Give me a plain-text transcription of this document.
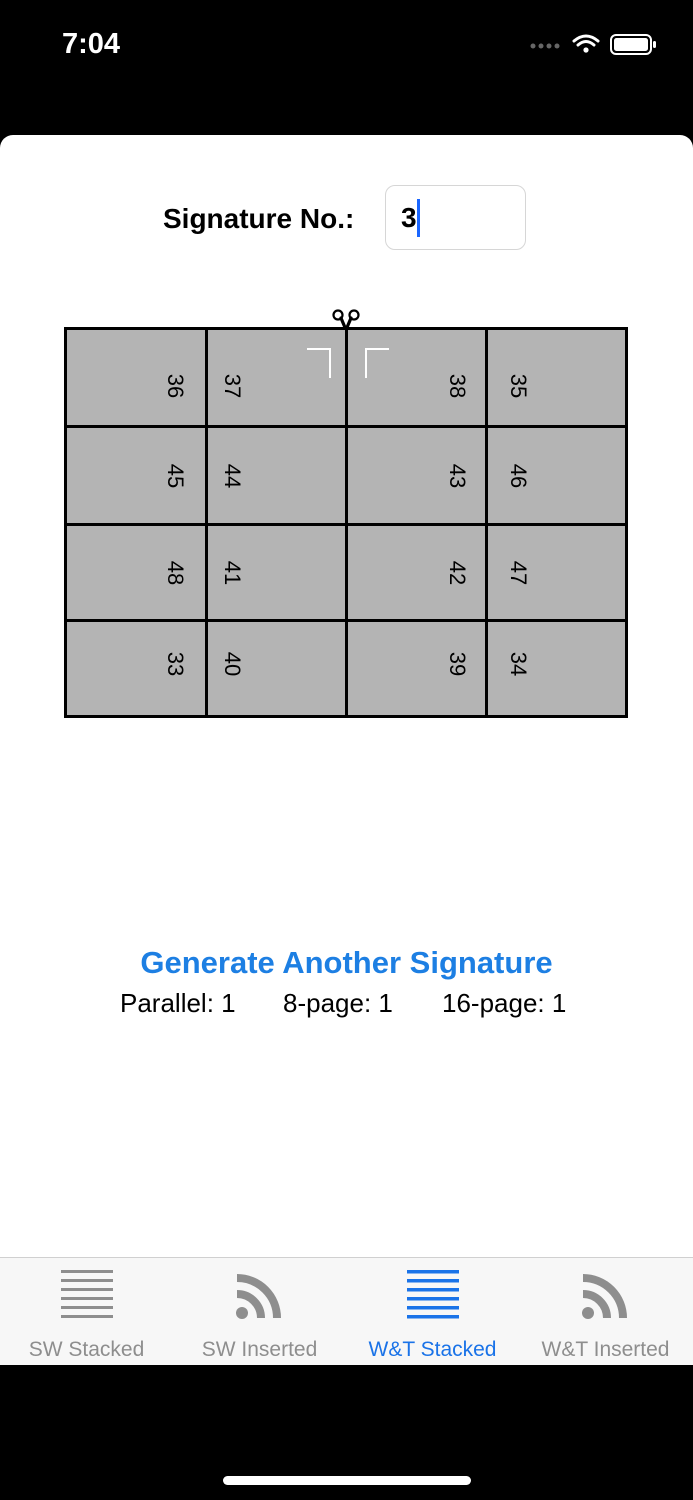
7:04
Signature No.: 3
36 37	38 35
45 44	43 46
48 41	42 47
33 40	39 34
Generate Another Signature
Parallel: 1 8-page: 1 16-page: 1
SW Stacked	SW Inserted	W&T Stacked	W&T Inserted
